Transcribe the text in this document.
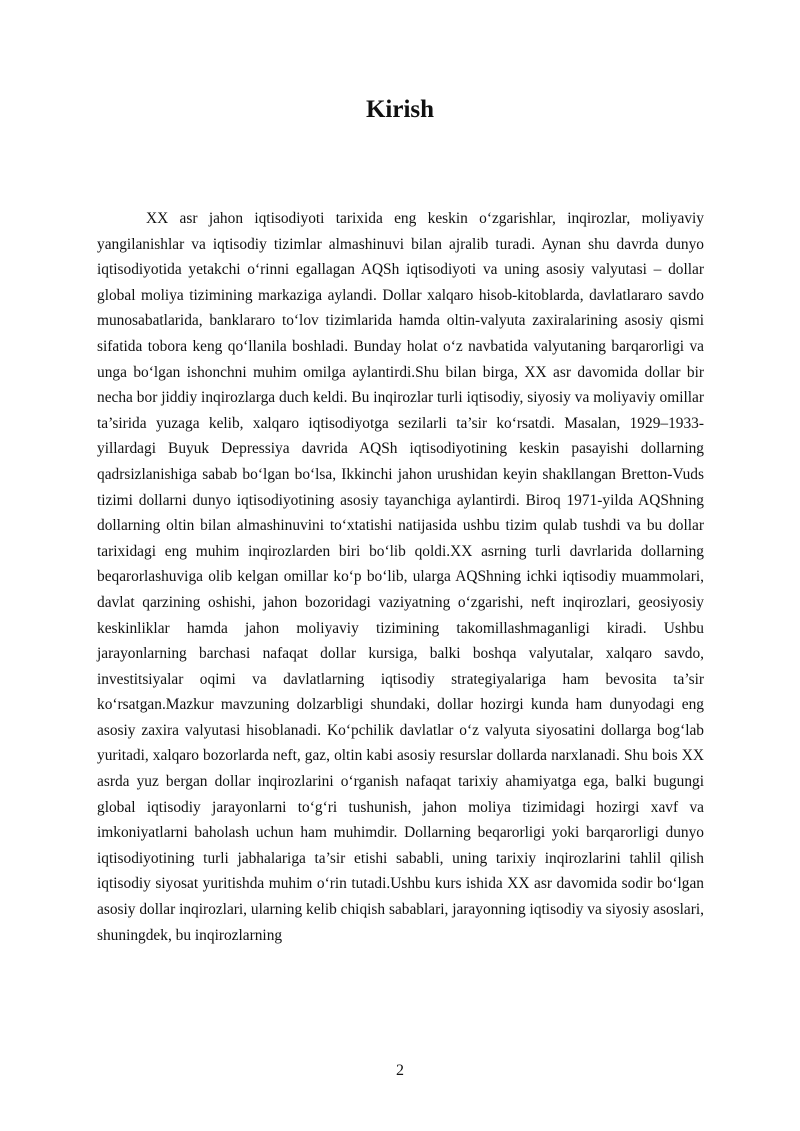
Kirish

XX asr jahon iqtisodiyoti tarixida eng keskin o‘zgarishlar, inqirozlar, moliyaviy yangilanishlar va iqtisodiy tizimlar almashinuvi bilan ajralib turadi. Aynan shu davrda dunyo iqtisodiyotida yetakchi o‘rinni egallagan AQSh iqtisodiyoti va uning asosiy valyutasi – dollar global moliya tizimining markaziga aylandi. Dollar xalqaro hisob-kitoblarda, davlatlararo savdo munosabatlarida, banklararo to‘lov tizimlarida hamda oltin-valyuta zaxiralarining asosiy qismi sifatida tobora keng qo‘llanila boshladi. Bunday holat o‘z navbatida valyutaning barqarorligi va unga bo‘lgan ishonchni muhim omilga aylantirdi.Shu bilan birga, XX asr davomida dollar bir necha bor jiddiy inqirozlarga duch keldi. Bu inqirozlar turli iqtisodiy, siyosiy va moliyaviy omillar ta’sirida yuzaga kelib, xalqaro iqtisodiyotga sezilarli ta’sir ko‘rsatdi. Masalan, 1929–1933-yillardagi Buyuk Depressiya davrida AQSh iqtisodiyotining keskin pasayishi dollarning qadrsizlanishiga sabab bo‘lgan bo‘lsa, Ikkinchi jahon urushidan keyin shakllangan Bretton-Vuds tizimi dollarni dunyo iqtisodiyotining asosiy tayanchiga aylantirdi. Biroq 1971-yilda AQShning dollarning oltin bilan almashinuvini to‘xtatishi natijasida ushbu tizim qulab tushdi va bu dollar tarixidagi eng muhim inqirozlarden biri bo‘lib qoldi.XX asrning turli davrlarida dollarning beqarorlashuviga olib kelgan omillar ko‘p bo‘lib, ularga AQShning ichki iqtisodiy muammolari, davlat qarzining oshishi, jahon bozoridagi vaziyatning o‘zgarishi, neft inqirozlari, geosiyosiy keskinliklar hamda jahon moliyaviy tizimining takomillashmaganligi kiradi. Ushbu jarayonlarning barchasi nafaqat dollar kursiga, balki boshqa valyutalar, xalqaro savdo, investitsiyalar oqimi va davlatlarning iqtisodiy strategiyalariga ham bevosita ta’sir ko‘rsatgan.Mazkur mavzuning dolzarbligi shundaki, dollar hozirgi kunda ham dunyodagi eng asosiy zaxira valyutasi hisoblanadi. Ko‘pchilik davlatlar o‘z valyuta siyosatini dollarga bog‘lab yuritadi, xalqaro bozorlarda neft, gaz, oltin kabi asosiy resurslar dollarda narxlanadi. Shu bois XX asrda yuz bergan dollar inqirozlarini o‘rganish nafaqat tarixiy ahamiyatga ega, balki bugungi global iqtisodiy jarayonlarni to‘g‘ri tushunish, jahon moliya tizimidagi hozirgi xavf va imkoniyatlarni baholash uchun ham muhimdir. Dollarning beqarorligi yoki barqarorligi dunyo iqtisodiyotining turli jabhalariga ta’sir etishi sababli, uning tarixiy inqirozlarini tahlil qilish iqtisodiy siyosat yuritishda muhim o‘rin tutadi.Ushbu kurs ishida XX asr davomida sodir bo‘lgan asosiy dollar inqirozlari, ularning kelib chiqish sabablari, jarayonning iqtisodiy va siyosiy asoslari, shuningdek, bu inqirozlarning

2
